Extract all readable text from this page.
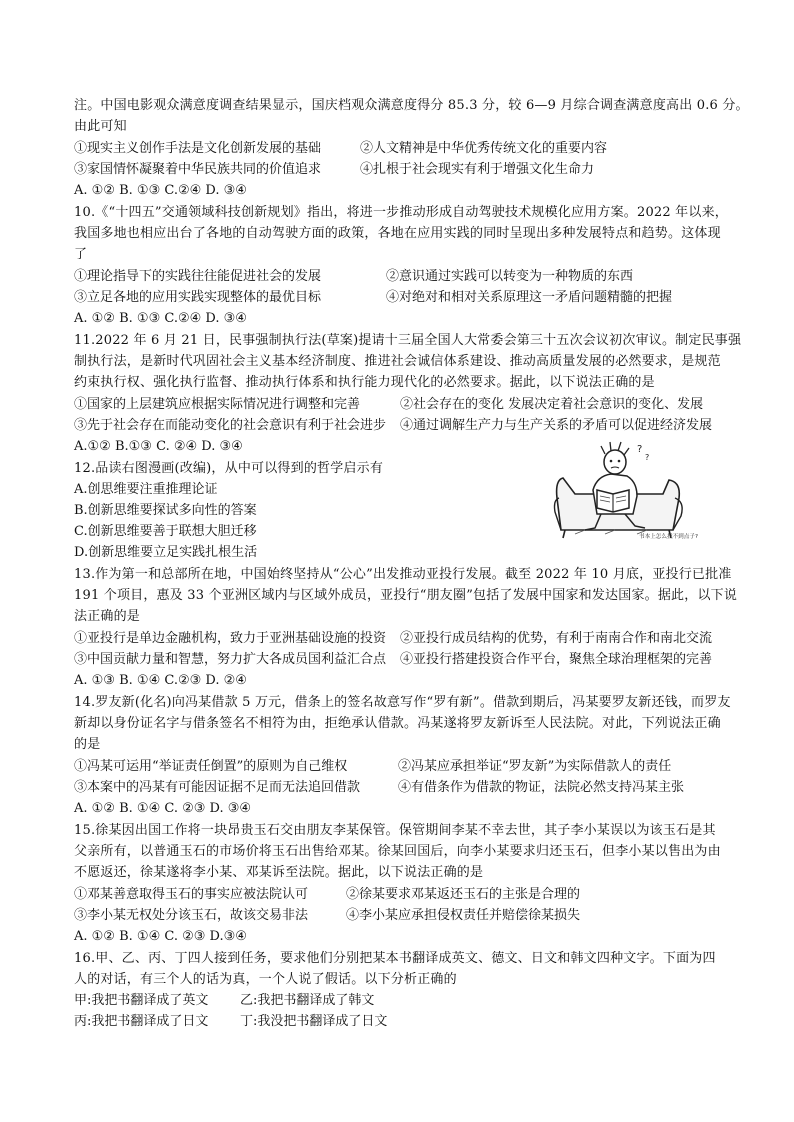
注。中国电影观众满意度调查结果显示，国庆档观众满意度得分 85.3 分，较 6—9 月综合调查满意度高出 0.6 分。
由此可知
①现实主义创作手法是文化创新发展的基础	②人文精神是中华优秀传统文化的重要内容
③家国情怀凝聚着中华民族共同的价值追求	④扎根于社会现实有利于增强文化生命力
A. ①② B. ①③ C.②④ D. ③④
10.《“十四五”交通领域科技创新规划》指出，将进一步推动形成自动驾驶技术规模化应用方案。2022 年以来，
我国多地也相应出台了各地的自动驾驶方面的政策，各地在应用实践的同时呈现出多种发展特点和趋势。这体现
了
①理论指导下的实践往往能促进社会的发展	②意识通过实践可以转变为一种物质的东西
③立足各地的应用实践实现整体的最优目标	④对绝对和相对关系原理这一矛盾问题精髓的把握
A. ①② B. ①③ C.②④ D. ③④
11.2022 年 6 月 21 日，民事强制执行法(草案)提请十三届全国人大常委会第三十五次会议初次审议。制定民事强
制执行法，是新时代巩固社会主义基本经济制度、推进社会诚信体系建设、推动高质量发展的必然要求，是规范
约束执行权、强化执行监督、推动执行体系和执行能力现代化的必然要求。据此，以下说法正确的是
①国家的上层建筑应根据实际情况进行调整和完善	②社会存在的变化 发展决定着社会意识的变化、发展
③先于社会存在而能动变化的社会意识有利于社会进步 ④通过调解生产力与生产关系的矛盾可以促进经济发展
A.①② B.①③ C. ②④ D. ③④
12.品读右图漫画(改编)，从中可以得到的哲学启示有
A.创思维要注重推理论证
B.创新思维要探试多向性的答案
C.创新思维要善于联想大胆迁移
D.创新思维要立足实践扎根生活
?
?
书本上怎么找不到点子?
13.作为第一和总部所在地，中国始终坚持从“公心”出发推动亚投行发展。截至 2022 年 10 月底，亚投行已批准
191 个项目，惠及 33 个亚洲区域内与区域外成员，亚投行“朋友圈”包括了发展中国家和发达国家。据此，以下说
法正确的是
①亚投行是单边金融机构，致力于亚洲基础设施的投资 ②亚投行成员结构的优势，有利于南南合作和南北交流
③中国贡献力量和智慧，努力扩大各成员国利益汇合点 ④亚投行搭建投资合作平台，聚焦全球治理框架的完善
A. ①③ B. ①④ C.②③ D. ②④
14.罗友新(化名)向冯某借款 5 万元，借条上的签名故意写作“罗有新”。借款到期后，冯某要罗友新还钱，而罗友
新却以身份证名字与借条签名不相符为由，拒绝承认借款。冯某遂将罗友新诉至人民法院。对此，下列说法正确
的是
①冯某可运用“举证责任倒置”的原则为自己维权	②冯某应承担举证“罗友新”为实际借款人的责任
③本案中的冯某有可能因证据不足而无法追回借款	④有借条作为借款的物证，法院必然支持冯某主张
A. ①② B. ①④ C. ②③ D. ③④
15.徐某因出国工作将一块昂贵玉石交由朋友李某保管。保管期间李某不幸去世，其子李小某误以为该玉石是其
父亲所有，以普通玉石的市场价将玉石出售给邓某。徐某回国后，向李小某要求归还玉石，但李小某以售出为由
不愿返还，徐某遂将李小某、邓某诉至法院。据此，以下说法正确的是
①邓某善意取得玉石的事实应被法院认可	②徐某要求邓某返还玉石的主张是合理的
③李小某无权处分该玉石，故该交易非法	④李小某应承担侵权责任并赔偿徐某损失
A. ①② B. ①④ C. ②③ D.③④
16.甲、乙、丙、丁四人接到任务，要求他们分别把某本书翻译成英文、德文、日文和韩文四种文字。下面为四
人的对话，有三个人的话为真，一个人说了假话。以下分析正确的
甲:我把书翻译成了英文 乙:我把书翻译成了韩文
丙:我把书翻译成了日文 丁:我没把书翻译成了日文
